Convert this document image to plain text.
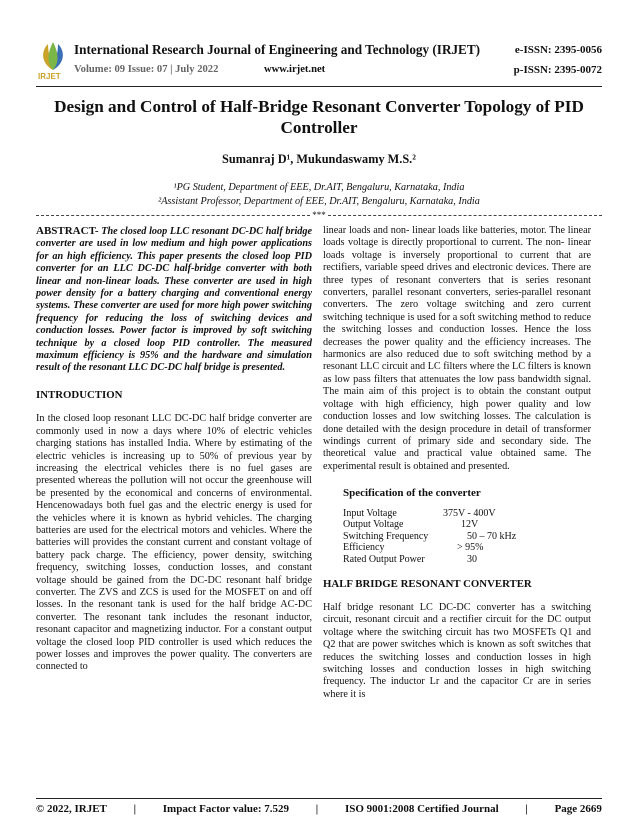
IRJET
International Research Journal of Engineering and Technology (IRJET)	e-ISSN: 2395-0056
Volume: 09 Issue: 07 | July 2022	www.irjet.net	p-ISSN: 2395-0072
Design and Control of Half-Bridge Resonant Converter Topology of PID
Controller
Sumanraj D¹, Mukundaswamy M.S.²
¹PG Student, Department of EEE, Dr.AIT, Bengaluru, Karnataka, India
²Assistant Professor, Department of EEE, Dr.AIT, Bengaluru, Karnataka, India
***

ABSTRACT- The closed loop LLC resonant DC-DC half bridge converter are used in low medium and high power applications for an high efficiency. This paper presents the closed loop PID converter for an LLC DC-DC half-bridge converter with both linear and non-linear loads. These converter are used in high power density for a battery charging and conventional energy systems. These converter are used for more high power switching frequency for reducing the loss of switching devices and conduction losses. Power factor is improved by soft switching technique by a closed loop PID controller. The measured maximum efficiency is 95% and the hardware and simulation result of the resonant LLC DC-DC half bridge is presented.

INTRODUCTION

In the closed loop resonant LLC DC-DC half bridge converter are commonly used in now a days where 10% of electric vehicles charging stations has installed India. Where by estimating of the electric vehicles is increasing up to 50% of previous year by increasing the electrical vehicles there is no fuel gases are presented whereas the pollution will not occur the greenhouse will be presented by the economical and concerns of environmental. Hencenowadays both fuel gas and the electric energy is used for the vehicles where it is known as hybrid vehicles. The charging batteries are used for the electrical motors and vehicles. Where the batteries will provides the constant current and constant voltage of battery pack charge. The efficiency, power density, switching frequency, switching losses, conduction losses, and constant voltage should be gained from the DC-DC resonant half bridge converter. The ZVS and ZCS is used for the MOSFET on and off losses. In the resonant tank is used for the half bridge AC-DC converter. The resonant tank includes the resonant inductor, resonant capacitor and magnetizing inductor. For a constant output voltage the closed loop PID controller is used which reduces the power losses and improves the power quality. The converters are connected to

linear loads and non- linear loads like batteries, motor. The linear loads voltage is directly proportional to current. The non- linear loads voltage is inversely proportional to current that are rectifiers, variable speed drives and electronic devices. There are three types of resonant converters that is series resonant converters, parallel resonant converters, series-parallel resonant converters. The zero voltage switching and zero current switching technique is used for a soft switching method to reduce the switching losses and conduction losses. Hence the loss decreases the power quality and the efficiency increases. The harmonics are also reduced due to soft switching method by a resonant LLC circuit and LC filters where the LC filters is known as low pass filters that attenuates the low pass bandwidth signal. The main aim of this project is to obtain the constant output voltage with high efficiency, high power quality and low conduction losses and low switching losses. The calculation is done detailed with the design procedure in detail of transformer windings current of primary side and secondary side. The theoretical value and practical value obtained same. The experimental result is obtained and presented.

Specification of the converter
Input Voltage	375V - 400V
Output Voltage	12V
Switching Frequency	50 – 70 kHz
Efficiency	> 95%
Rated Output Power	30
HALF BRIDGE RESONANT CONVERTER

Half bridge resonant LC DC-DC converter has a switching circuit, resonant circuit and a rectifier circuit for the DC output voltage where the switching circuit has two MOSFETs Q1 and Q2 that are power switches which is known as soft switches that reduces the switching losses and conduction losses in high switching losses and conduction losses in high switching frequency. The inductor Lr and the capacitor Cr are in series where it is

© 2022, IRJET | Impact Factor value: 7.529 | ISO 9001:2008 Certified Journal | Page 2669
